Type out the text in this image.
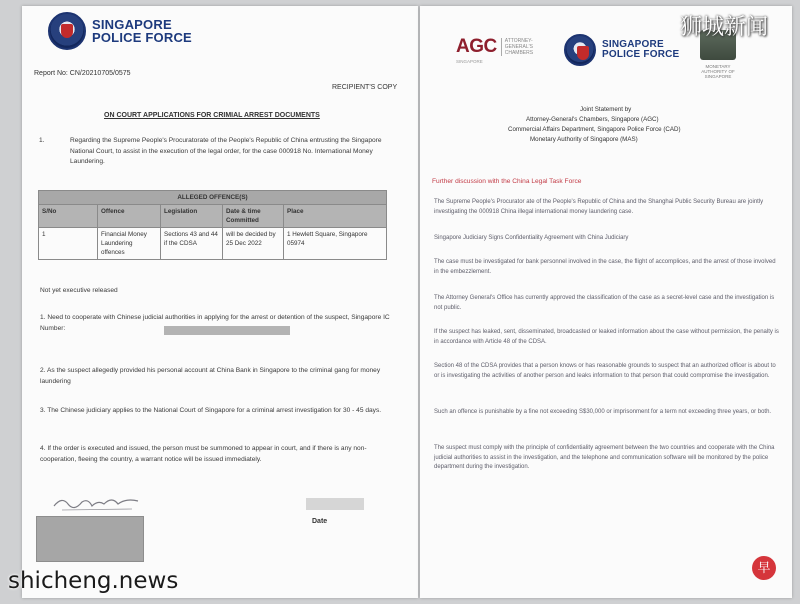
SINGAPORE
POLICE FORCE
Report No: CN/20210705/0575
RECIPIENT'S COPY
ON COURT APPLICATIONS FOR CRIMIAL ARREST DOCUMENTS
1.	Regarding the Supreme People's Procuratorate of the People's Republic of China entrusting the Singapore National Court, to assist in the execution of the legal order, for the case 000918 No. International Money Laundering.
ALLEGED OFFENCE(S)				
S/No	Offence	Legislation	Date & time Committed	Place
1	Financial Money Laundering offences	Sections 43 and 44 if the CDSA	will be decided by 25 Dec 2022	1 Hewlett Square, Singapore 05974
Not yet executive released
1. Need to cooperate with Chinese judicial authorities in applying for the arrest or detention of the suspect, Singapore IC Number:
2. As the suspect allegedly provided his personal account at China Bank in Singapore to the criminal gang for money laundering
3. The Chinese judiciary applies to the National Court of Singapore for a criminal arrest investigation for 30 - 45 days.
4. If the order is executed and issued, the person must be summoned to appear in court, and if there is any non-cooperation, fleeing the country, a warrant notice will be issued immediately.
Date
AGC	ATTORNEY-
GENERAL'S
CHAMBERS
SINGAPORE
SINGAPORE
POLICE FORCE
MONETARY AUTHORITY OF SINGAPORE
Joint Statement by
Attorney-General's Chambers, Singapore (AGC)
Commercial Affairs Department, Singapore Police Force (CAD)
Monetary Authority of Singapore (MAS)
Further discussion with the China Legal Task Force
The Supreme People's Procurator ate of the People's Republic of China and the Shanghai Public Security Bureau are jointly investigating the 000918 China illegal international money laundering case.
Singapore Judiciary Signs Confidentiality Agreement with China Judiciary
The case must be investigated for bank personnel involved in the case, the flight of accomplices, and the arrest of those involved in the embezzlement.
The Attorney General's Office has currently approved the classification of the case as a secret-level case and the investigation is not public.
If the suspect has leaked, sent, disseminated, broadcasted or leaked information about the case without permission, the penalty is in accordance with Article 48 of the CDSA.
Section 48 of the CDSA provides that a person knows or has reasonable grounds to suspect that an authorized officer is about to or is investigating the activities of another person and leaks information to that person that could compromise the investigation.
Such an offence is punishable by a fine not exceeding S$30,000 or imprisonment for a term not exceeding three years, or both.
The suspect must comply with the principle of confidentiality agreement between the two countries and cooperate with the China judicial authorities to assist in the investigation, and the telephone and communication software will be monitored by the police department during the investigation.
狮城新闻
shicheng.news
早
